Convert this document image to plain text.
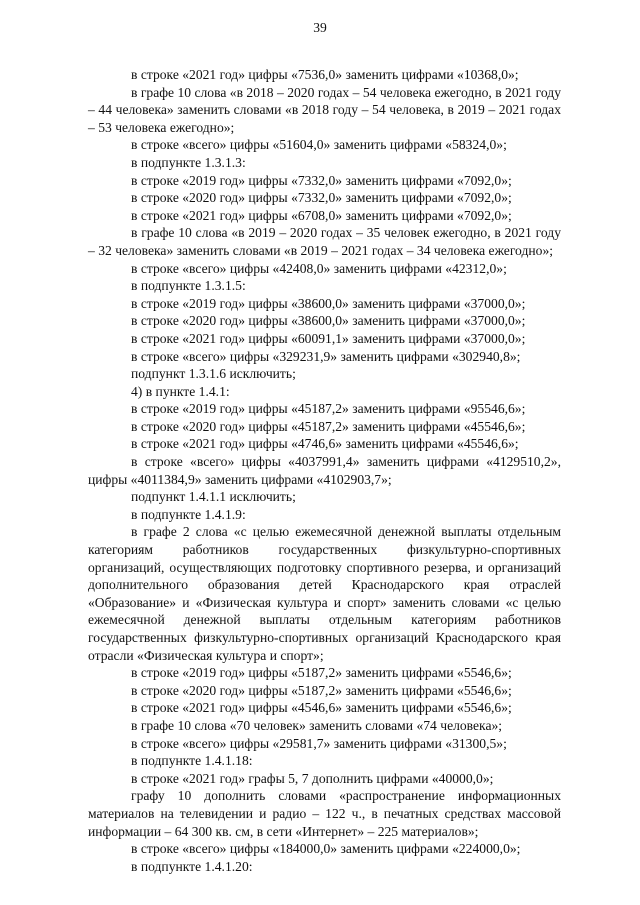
39
в строке «2021 год» цифры «7536,0» заменить цифрами «10368,0»;
в графе 10 слова «в 2018 – 2020 годах – 54 человека ежегодно, в 2021 году – 44 человека» заменить словами «в 2018 году – 54 человека, в 2019 – 2021 годах – 53 человека ежегодно»;
в строке «всего» цифры «51604,0» заменить цифрами «58324,0»;
в подпункте 1.3.1.3:
в строке «2019 год» цифры «7332,0» заменить цифрами «7092,0»;
в строке «2020 год» цифры «7332,0» заменить цифрами «7092,0»;
в строке «2021 год» цифры «6708,0» заменить цифрами «7092,0»;
в графе 10 слова «в 2019 – 2020 годах – 35 человек ежегодно, в 2021 году – 32 человека» заменить словами «в 2019 – 2021 годах – 34 человека ежегодно»;
в строке «всего» цифры «42408,0» заменить цифрами «42312,0»;
в подпункте 1.3.1.5:
в строке «2019 год» цифры «38600,0» заменить цифрами «37000,0»;
в строке «2020 год» цифры «38600,0» заменить цифрами «37000,0»;
в строке «2021 год» цифры «60091,1» заменить цифрами «37000,0»;
в строке «всего» цифры «329231,9» заменить цифрами «302940,8»;
подпункт 1.3.1.6 исключить;
4) в пункте 1.4.1:
в строке «2019 год» цифры «45187,2» заменить цифрами «95546,6»;
в строке «2020 год» цифры «45187,2» заменить цифрами «45546,6»;
в строке «2021 год» цифры «4746,6» заменить цифрами «45546,6»;
в строке «всего» цифры «4037991,4» заменить цифрами «4129510,2», цифры «4011384,9» заменить цифрами «4102903,7»;
подпункт 1.4.1.1 исключить;
в подпункте 1.4.1.9:
в графе 2 слова «с целью ежемесячной денежной выплаты отдельным категориям работников государственных физкультурно-спортивных организаций, осуществляющих подготовку спортивного резерва, и организаций дополнительного образования детей Краснодарского края отраслей «Образование» и «Физическая культура и спорт» заменить словами «с целью ежемесячной денежной выплаты отдельным категориям работников государственных физкультурно-спортивных организаций Краснодарского края отрасли «Физическая культура и спорт»;
в строке «2019 год» цифры «5187,2» заменить цифрами «5546,6»;
в строке «2020 год» цифры «5187,2» заменить цифрами «5546,6»;
в строке «2021 год» цифры «4546,6» заменить цифрами «5546,6»;
в графе 10 слова «70 человек» заменить словами «74 человека»;
в строке «всего» цифры «29581,7» заменить цифрами «31300,5»;
в подпункте 1.4.1.18:
в строке «2021 год» графы 5, 7 дополнить цифрами «40000,0»;
графу 10 дополнить словами «распространение информационных материалов на телевидении и радио – 122 ч., в печатных средствах массовой информации – 64 300 кв. см, в сети «Интернет» – 225 материалов»;
в строке «всего» цифры «184000,0» заменить цифрами «224000,0»;
в подпункте 1.4.1.20:
